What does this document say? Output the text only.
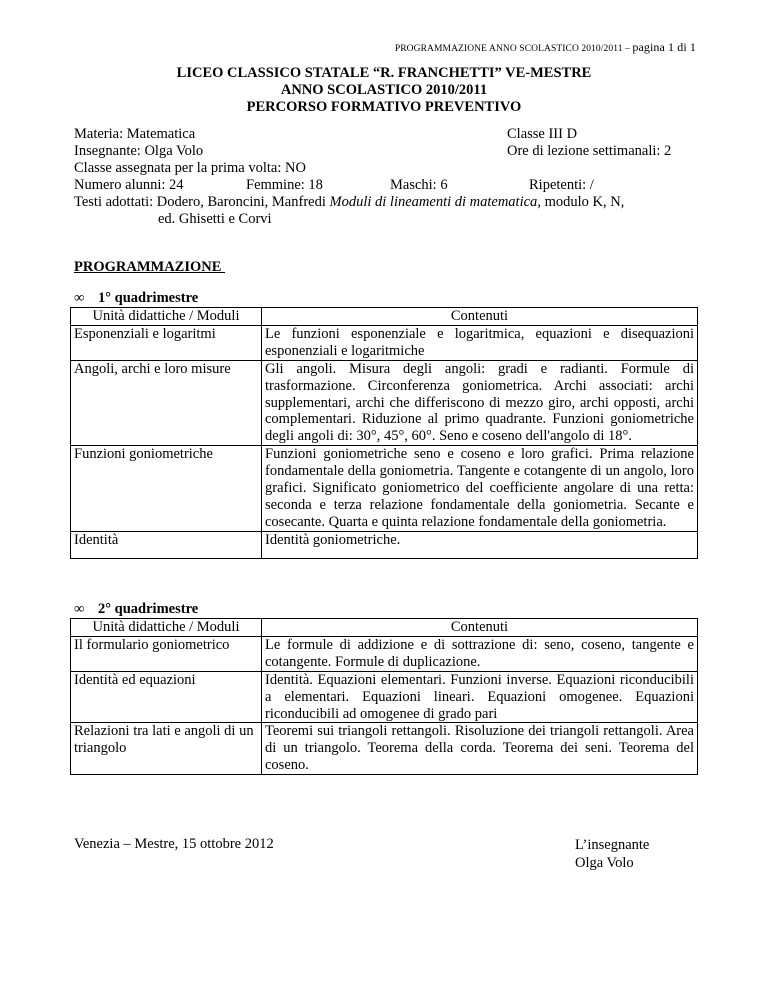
PROGRAMMAZIONE ANNO SCOLASTICO 2010/2011 – pagina 1 di 1
LICEO CLASSICO STATALE “R. FRANCHETTI” VE-MESTRE
ANNO SCOLASTICO 2010/2011
PERCORSO FORMATIVO PREVENTIVO
Materia: Matematica	Classe III D
Insegnante: Olga Volo	Ore di lezione settimanali: 2
Classe assegnata per la prima volta: NO
Numero alunni: 24	Femmine: 18	Maschi: 6	Ripetenti: /
Testi adottati: Dodero, Baroncini, Manfredi Moduli di lineamenti di matematica, modulo K, N,
ed. Ghisetti e Corvi
PROGRAMMAZIONE
∞ 1° quadrimestre
Unità didattiche / Moduli	Contenuti
Esponenziali e logaritmi	Le funzioni esponenziale e logaritmica, equazioni e disequazioni esponenziali e logaritmiche
Angoli, archi e loro misure	Gli angoli. Misura degli angoli: gradi e radianti. Formule di trasformazione. Circonferenza goniometrica. Archi associati: archi supplementari, archi che differiscono di mezzo giro, archi opposti, archi complementari. Riduzione al primo quadrante. Funzioni goniometriche degli angoli di: 30°, 45°, 60°. Seno e coseno dell'angolo di 18°.
Funzioni goniometriche	Funzioni goniometriche seno e coseno e loro grafici. Prima relazione fondamentale della goniometria. Tangente e cotangente di un angolo, loro grafici. Significato goniometrico del coefficiente angolare di una retta: seconda e terza relazione fondamentale della goniometria. Secante e cosecante. Quarta e quinta relazione fondamentale della goniometria.
Identità	Identità goniometriche.
∞ 2° quadrimestre
Unità didattiche / Moduli	Contenuti
Il formulario goniometrico	Le formule di addizione e di sottrazione di: seno, coseno, tangente e cotangente. Formule di duplicazione.
Identità ed equazioni	Identità. Equazioni elementari. Funzioni inverse. Equazioni riconducibili a elementari. Equazioni lineari. Equazioni omogenee. Equazioni riconducibili ad omogenee di grado pari
Relazioni tra lati e angoli di un triangolo	Teoremi sui triangoli rettangoli. Risoluzione dei triangoli rettangoli. Area di un triangolo. Teorema della corda. Teorema dei seni. Teorema del coseno.
Venezia – Mestre, 15 ottobre 2012	L’insegnante
Olga Volo
